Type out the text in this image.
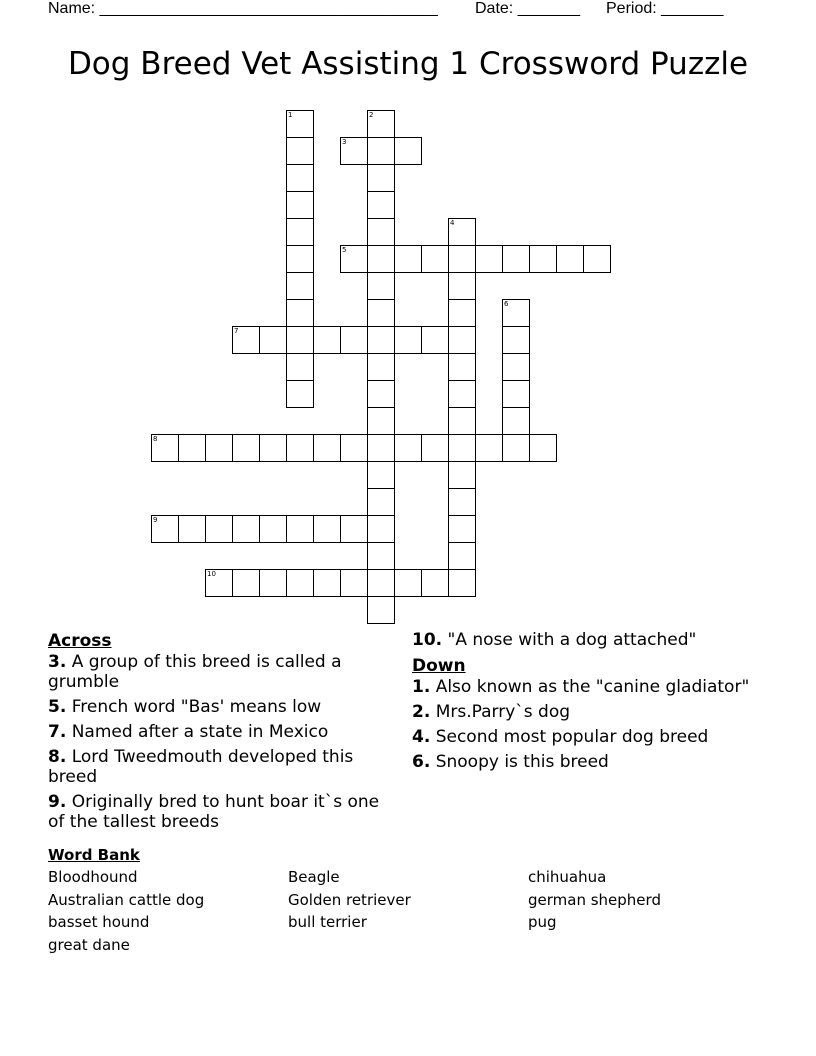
Name: ______________________________________ Date: _______ Period: _______
Dog Breed Vet Assisting 1 Crossword Puzzle
1	2
3
4
5
6
7
8
9
10
Across
3. A group of this breed is called a grumble
5. French word "Bas' means low
7. Named after a state in Mexico
8. Lord Tweedmouth developed this breed
9. Originally bred to hunt boar it`s one of the tallest breeds
10. "A nose with a dog attached"
Down
1. Also known as the "canine gladiator"
2. Mrs.Parry`s dog
4. Second most popular dog breed
6. Snoopy is this breed
Word Bank
Bloodhound	Beagle	chihuahua
Australian cattle dog	Golden retriever	german shepherd
basset hound	bull terrier	pug
great dane
